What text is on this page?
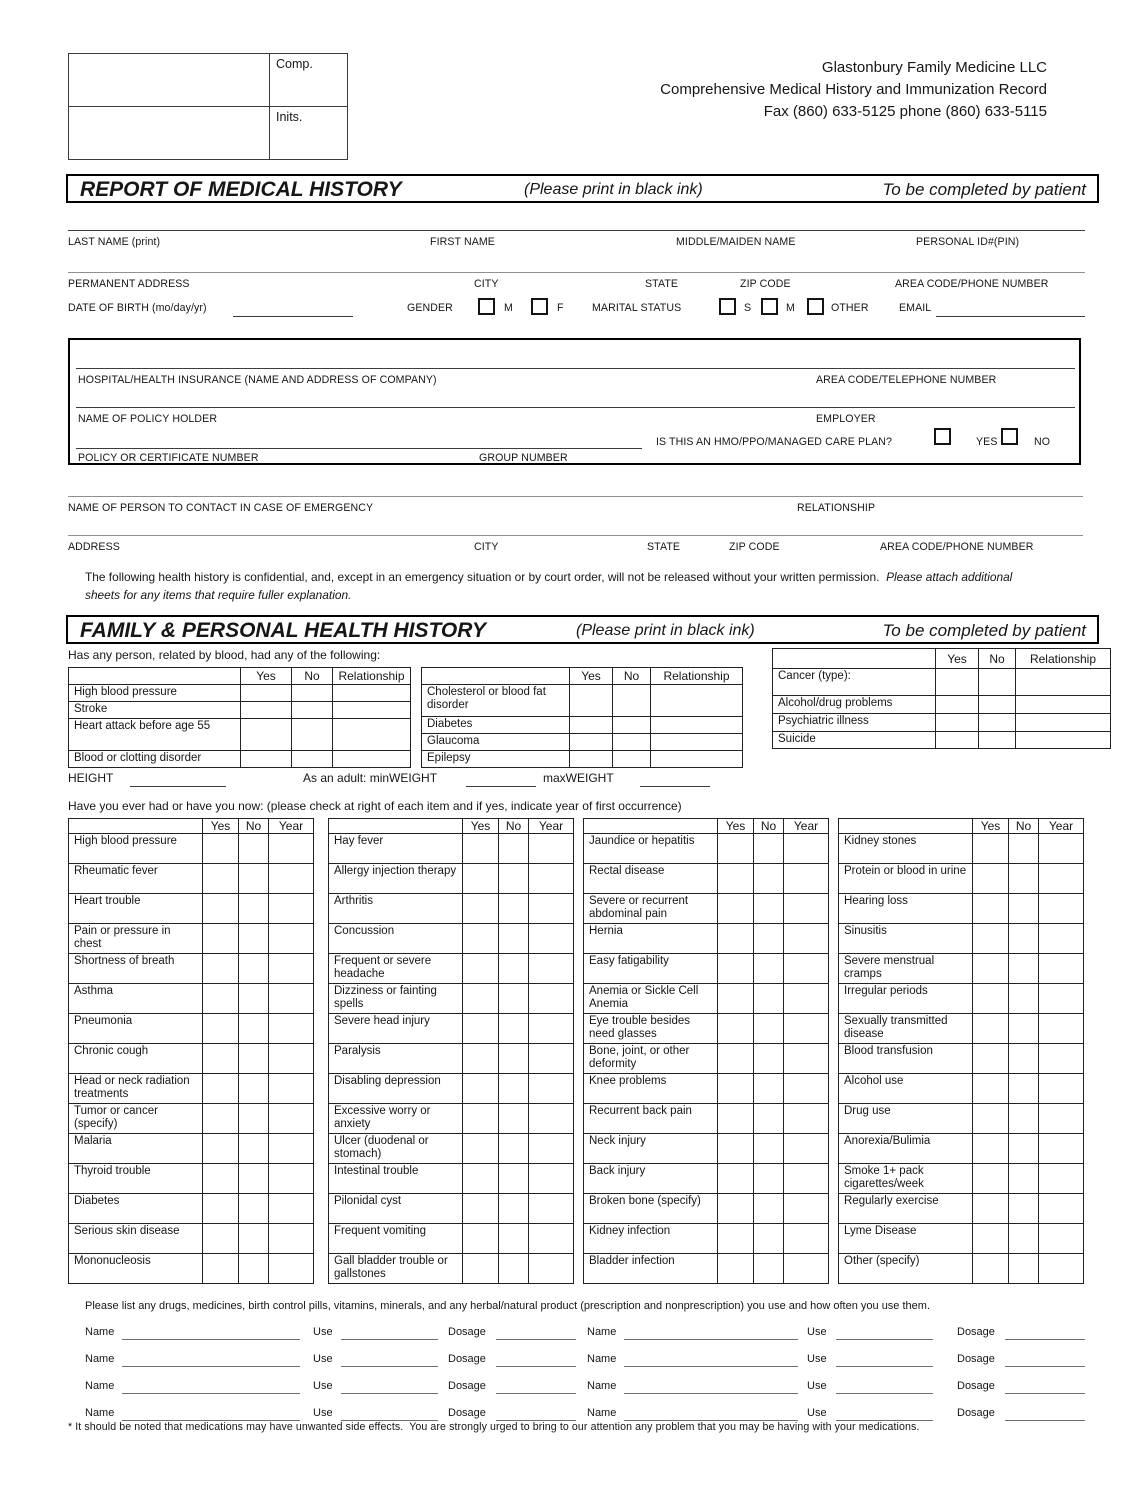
Comp.
Inits.
Glastonbury Family Medicine LLC
Comprehensive Medical History and Immunization Record
Fax (860) 633-5125 phone (860) 633-5115
REPORT OF MEDICAL HISTORY	(Please print in black ink)	To be completed by patient
LAST NAME (print)	FIRST NAME	MIDDLE/MAIDEN NAME	PERSONAL ID#(PIN)
PERMANENT ADDRESS	CITY	STATE	ZIP CODE	AREA CODE/PHONE NUMBER
DATE OF BIRTH (mo/day/yr)	GENDER	M	F	MARITAL STATUS	S	M	OTHER	EMAIL
HOSPITAL/HEALTH INSURANCE (NAME AND ADDRESS OF COMPANY)	AREA CODE/TELEPHONE NUMBER
NAME OF POLICY HOLDER	EMPLOYER
IS THIS AN HMO/PPO/MANAGED CARE PLAN?	YES	NO
POLICY OR CERTIFICATE NUMBER	GROUP NUMBER
NAME OF PERSON TO CONTACT IN CASE OF EMERGENCY	RELATIONSHIP
ADDRESS	CITY	STATE	ZIP CODE	AREA CODE/PHONE NUMBER
The following health history is confidential, and, except in an emergency situation or by court order, will not be released without your written permission.  Please attach additional sheets for any items that require fuller explanation.
FAMILY & PERSONAL HEALTH HISTORY	(Please print in black ink)	To be completed by patient
Has any person, related by blood, had any of the following:
	Yes	No	Relationship
High blood pressure			
Stroke			
Heart attack before age 55			
Blood or clotting disorder			
	Yes	No	Relationship
Cholesterol or blood fat disorder			
Diabetes			
Glaucoma			
Epilepsy			
	Yes	No	Relationship
Cancer (type):			
Alcohol/drug problems			
Psychiatric illness			
Suicide			
	Yes	No	Year
High blood pressure			
Rheumatic fever			
Heart trouble			
Pain or pressure in chest			
Shortness of breath			
Asthma			
Pneumonia			
Chronic cough			
Head or neck radiation treatments			
Tumor or cancer (specify)			
Malaria			
Thyroid trouble			
Diabetes			
Serious skin disease			
Mononucleosis			
	Yes	No	Year
Hay fever			
Allergy injection therapy			
Arthritis			
Concussion			
Frequent or severe headache			
Dizziness or fainting spells			
Severe head injury			
Paralysis			
Disabling depression			
Excessive worry or anxiety			
Ulcer (duodenal or stomach)			
Intestinal trouble			
Pilonidal cyst			
Frequent vomiting			
Gall bladder trouble or gallstones			
	Yes	No	Year
Jaundice or hepatitis			
Rectal disease			
Severe or recurrent abdominal pain			
Hernia			
Easy fatigability			
Anemia or Sickle Cell Anemia			
Eye trouble besides need glasses			
Bone, joint, or other deformity			
Knee problems			
Recurrent back pain			
Neck injury			
Back injury			
Broken bone (specify)			
Kidney infection			
Bladder infection			
	Yes	No	Year
Kidney stones			
Protein or blood in urine			
Hearing loss			
Sinusitis			
Severe menstrual cramps			
Irregular periods			
Sexually transmitted disease			
Blood transfusion			
Alcohol use			
Drug use			
Anorexia/Bulimia			
Smoke 1+ pack cigarettes/week			
Regularly exercise			
Lyme Disease			
Other (specify)			
HEIGHT	As an adult: minWEIGHT	maxWEIGHT
Have you ever had or have you now: (please check at right of each item and if yes, indicate year of first occurrence)
Please list any drugs, medicines, birth control pills, vitamins, minerals, and any herbal/natural product (prescription and nonprescription) you use and how often you use them.
Name	Use	Dosage	Name	Use	Dosage
Name	Use	Dosage	Name	Use	Dosage
Name	Use	Dosage	Name	Use	Dosage
Name	Use	Dosage	Name	Use	Dosage
* It should be noted that medications may have unwanted side effects.  You are strongly urged to bring to our attention any problem that you may be having with your medications.
